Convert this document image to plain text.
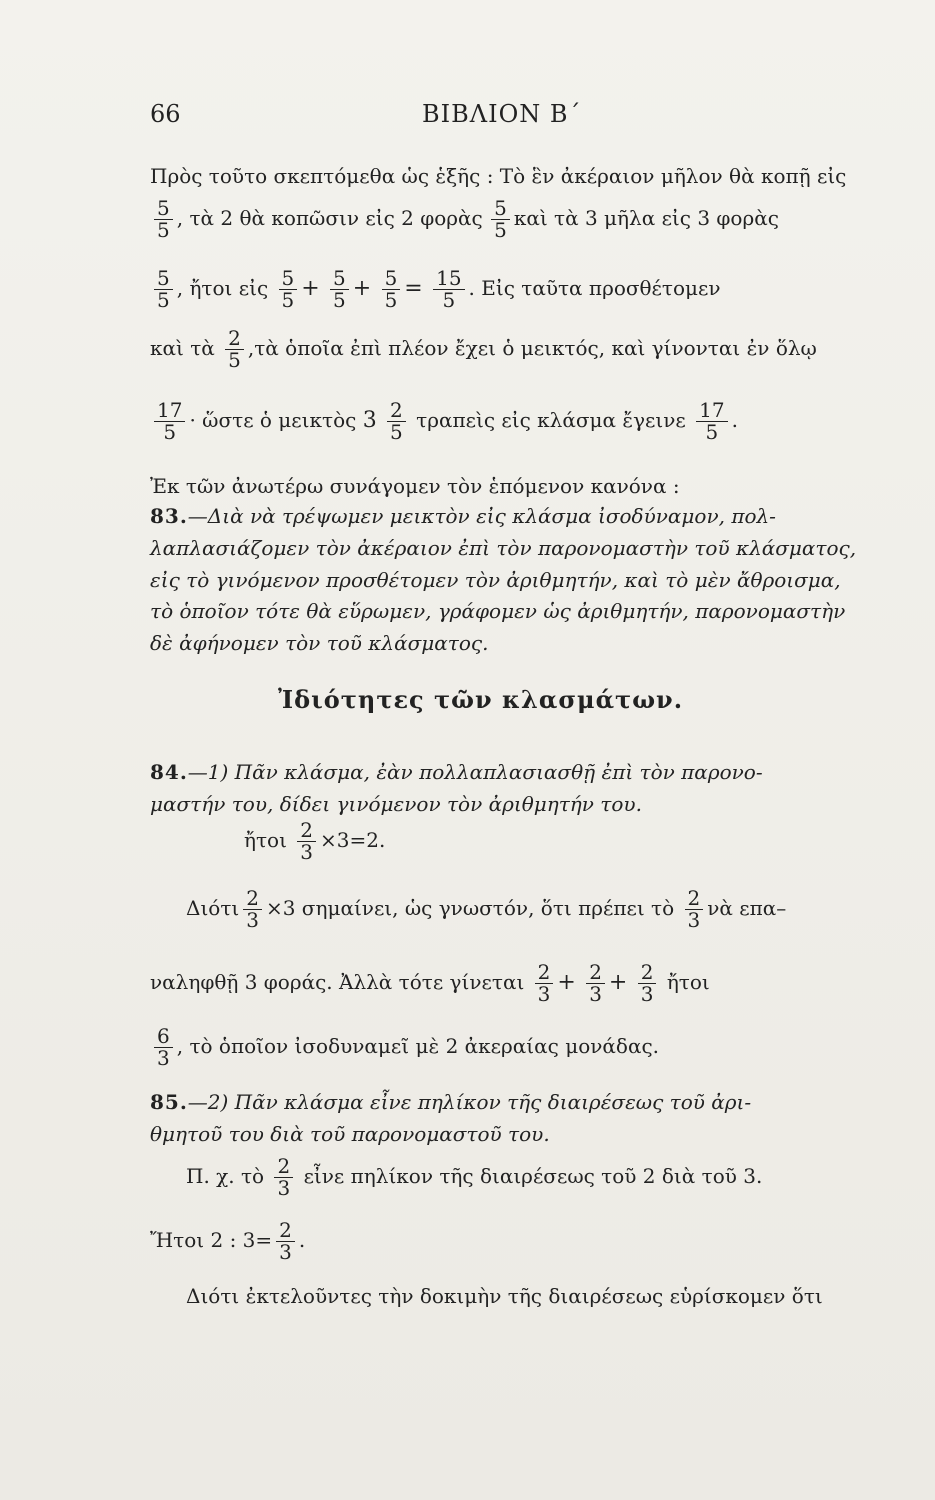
66	ΒΙΒΛΙΟΝ Β΄
Πρὸς τοῦτο σκεπτόμεθα ὡς ἑξῆς : Τὸ ἓν ἀκέραιον μῆλον θὰ κοπῇ εἰς
$\frac{5}{5}$ , τὰ 2 θὰ κοπῶσιν εἰς 2 φορὰς $\frac{5}{5}$ καὶ τὰ 3 μῆλα εἰς 3 φορὰς
$\frac{5}{5}$ , ἤτοι εἰς $\frac{5}{5} + \frac{5}{5} + \frac{5}{5} = \frac{15}{5}$ . Εἰς ταῦτα προσθέτομεν
καὶ τὰ $\frac{2}{5}$ ,τὰ ὁποῖα ἐπὶ πλέον ἔχει ὁ μεικτός, καὶ γίνονται ἐν ὅλῳ
$\frac{17}{5}$ · ὥστε ὁ μεικτὸς $3 \frac{2}{5}$ τραπεὶς εἰς κλάσμα ἔγεινε $\frac{17}{5}$ .
Ἐκ τῶν ἀνωτέρω συνάγομεν τὸν ἑπόμενον κανόνα :
83.—Διὰ νὰ τρέψωμεν μεικτὸν εἰς κλάσμα ἰσοδύναμον, πολ-
λαπλασιάζομεν τὸν ἀκέραιον ἐπὶ τὸν παρονομαστὴν τοῦ κλάσματος,
εἰς τὸ γινόμενον προσθέτομεν τὸν ἀριθμητήν, καὶ τὸ μὲν ἄθροισμα,
τὸ ὁποῖον τότε θὰ εὕρωμεν, γράφομεν ὡς ἀριθμητήν, παρονομαστὴν
δὲ ἀφήνομεν τὸν τοῦ κλάσματος.
Ἰδιότητες τῶν κλασμάτων.
84.—1) Πᾶν κλάσμα, ἐὰν πολλαπλασιασθῇ ἐπὶ τὸν παρονο-
μαστήν του, δίδει γινόμενον τὸν ἀριθμητήν του.
ἤτοι $\frac{2}{3} \times 3=2$.
Διότι $\frac{2}{3} \times 3$ σημαίνει, ὡς γνωστόν, ὅτι πρέπει τὸ $\frac{2}{3}$ νὰ επα–
ναληφθῇ 3 φοράς. Ἀλλὰ τότε γίνεται $\frac{2}{3} + \frac{2}{3} + \frac{2}{3}$ ἤτοι
$\frac{6}{3}$ , τὸ ὁποῖον ἰσοδυναμεῖ μὲ 2 ἀκεραίας μονάδας.
85.—2) Πᾶν κλάσμα εἶνε πηλίκον τῆς διαιρέσεως τοῦ ἀρι-
θμητοῦ του διὰ τοῦ παρονομαστοῦ του.
Π. χ. τὸ $\frac{2}{3}$ εἶνε πηλίκον τῆς διαιρέσεως τοῦ 2 διὰ τοῦ 3.
Ἤτοι 2 : $3= \frac{2}{3}$ .
Διότι ἐκτελοῦντες τὴν δοκιμὴν τῆς διαιρέσεως εὑρίσκομεν ὅτι
